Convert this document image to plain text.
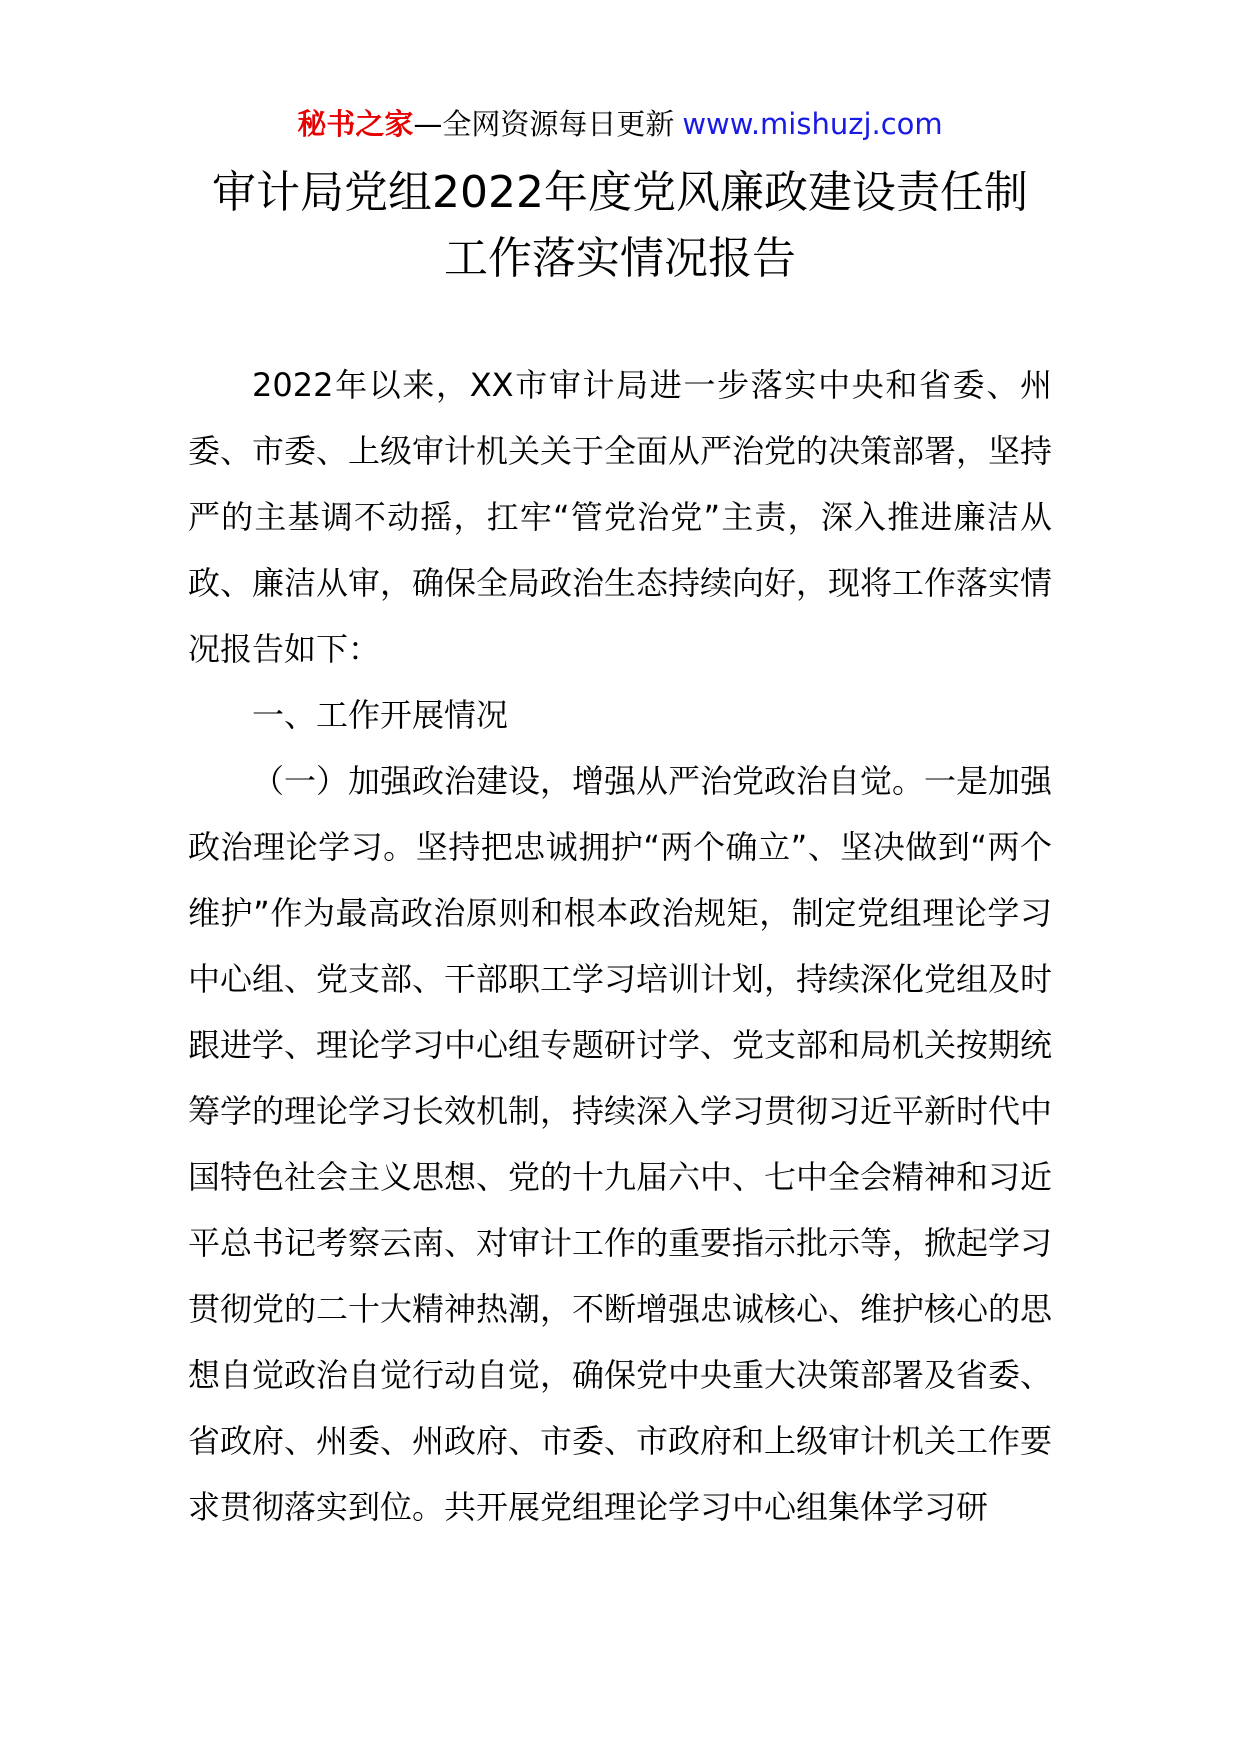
秘书之家—全网资源每日更新 www.mishuzj.com
审计局党组2022年度党风廉政建设责任制
工作落实情况报告

2022年以来，XX市审计局进一步落实中央和省委、州委、市委、上级审计机关关于全面从严治党的决策部署，坚持严的主基调不动摇，扛牢“管党治党”主责，深入推进廉洁从政、廉洁从审，确保全局政治生态持续向好，现将工作落实情况报告如下：

一、工作开展情况

（一）加强政治建设，增强从严治党政治自觉。一是加强政治理论学习。坚持把忠诚拥护“两个确立”、坚决做到“两个维护”作为最高政治原则和根本政治规矩，制定党组理论学习中心组、党支部、干部职工学习培训计划，持续深化党组及时跟进学、理论学习中心组专题研讨学、党支部和局机关按期统筹学的理论学习长效机制，持续深入学习贯彻习近平新时代中国特色社会主义思想、党的十九届六中、七中全会精神和习近平总书记考察云南、对审计工作的重要指示批示等，掀起学习贯彻党的二十大精神热潮，不断增强忠诚核心、维护核心的思想自觉政治自觉行动自觉，确保党中央重大决策部署及省委、省政府、州委、州政府、市委、市政府和上级审计机关工作要求贯彻落实到位。共开展党组理论学习中心组集体学习研
